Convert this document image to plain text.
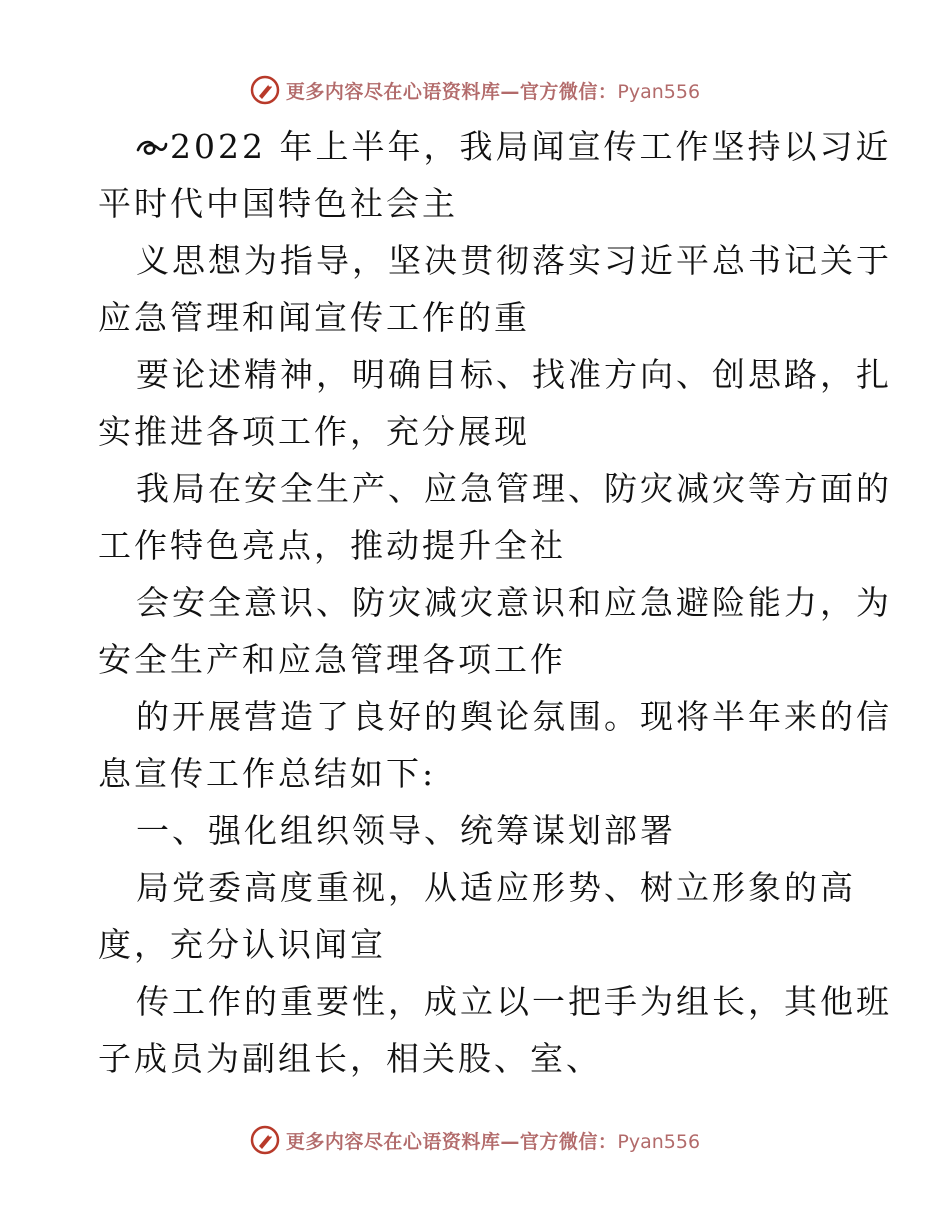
更多内容尽在心语资料库—官方微信：Pyan556
2022 年上半年，我局闻宣传工作坚持以习近
平时代中国特色社会主
义思想为指导，坚决贯彻落实习近平总书记关于
应急管理和闻宣传工作的重
要论述精神，明确目标、找准方向、创思路，扎
实推进各项工作，充分展现
我局在安全生产、应急管理、防灾减灾等方面的
工作特色亮点，推动提升全社
会安全意识、防灾减灾意识和应急避险能力，为
安全生产和应急管理各项工作
的开展营造了良好的舆论氛围。现将半年来的信
息宣传工作总结如下:
一、强化组织领导、统筹谋划部署
局党委高度重视，从适应形势、树立形象的高
度，充分认识闻宣
传工作的重要性，成立以一把手为组长，其他班
子成员为副组长，相关股、室、
更多内容尽在心语资料库—官方微信：Pyan556
